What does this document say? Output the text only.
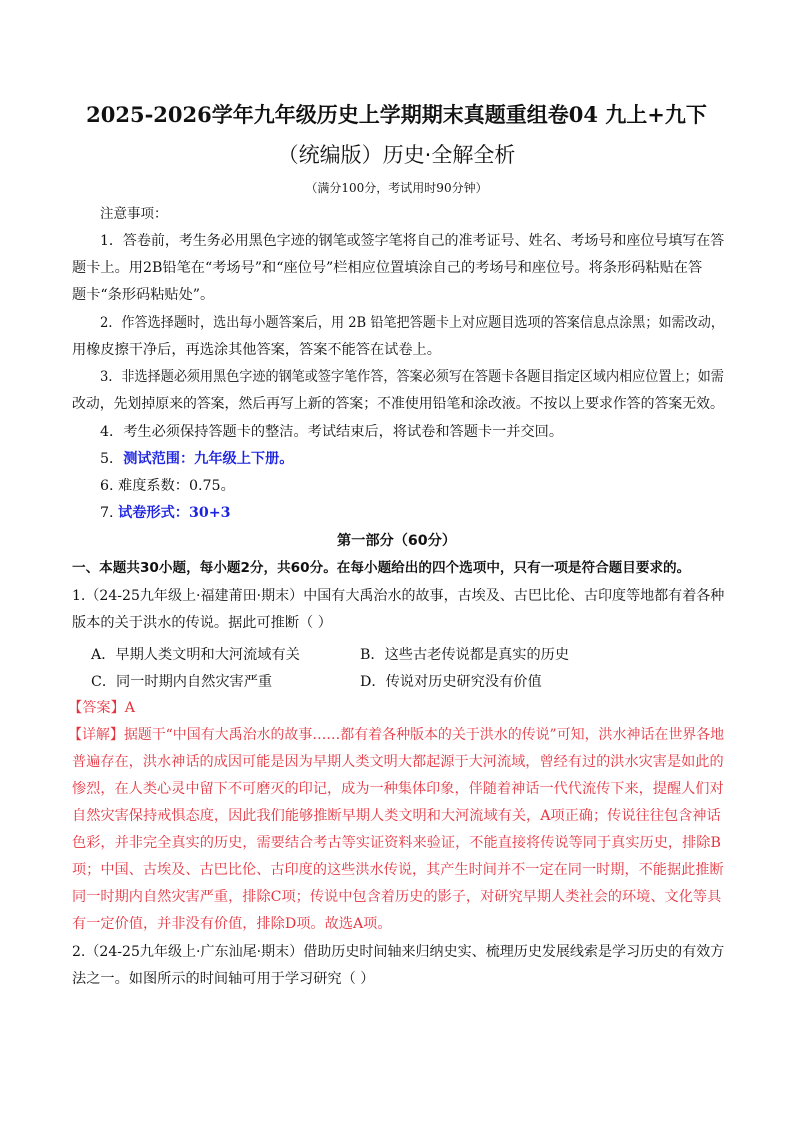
2025-2026学年九年级历史上学期期末真题重组卷04 九上+九下
（统编版）历史·全解全析
（满分100分，考试用时90分钟）
注意事项：
1．答卷前，考生务必用黑色字迹的钢笔或签字笔将自己的准考证号、姓名、考场号和座位号填写在答
题卡上。用2B铅笔在“考场号”和“座位号”栏相应位置填涂自己的考场号和座位号。将条形码粘贴在答
题卡“条形码粘贴处”。
2．作答选择题时，选出每小题答案后，用 2B 铅笔把答题卡上对应题目选项的答案信息点涂黑；如需改动，
用橡皮擦干净后，再选涂其他答案，答案不能答在试卷上。
3．非选择题必须用黑色字迹的钢笔或签字笔作答，答案必须写在答题卡各题目指定区域内相应位置上；如需
改动，先划掉原来的答案，然后再写上新的答案；不准使用铅笔和涂改液。不按以上要求作答的答案无效。
4．考生必须保持答题卡的整洁。考试结束后，将试卷和答题卡一并交回。
5．测试范围：九年级上下册。
6. 难度系数：0.75。
7. 试卷形式：30+3
第一部分（60分）
一、本题共30小题，每小题2分，共60分。在每小题给出的四个选项中，只有一项是符合题目要求的。
1.（24-25九年级上·福建莆田·期末）中国有大禹治水的故事，古埃及、古巴比伦、古印度等地都有着各种
版本的关于洪水的传说。据此可推断（ ）
A．早期人类文明和大河流域有关	B．这些古老传说都是真实的历史
C．同一时期内自然灾害严重	D．传说对历史研究没有价值
【答案】A
【详解】据题干“中国有大禹治水的故事……都有着各种版本的关于洪水的传说”可知，洪水神话在世界各地
普遍存在，洪水神话的成因可能是因为早期人类文明大都起源于大河流域，曾经有过的洪水灾害是如此的
惨烈，在人类心灵中留下不可磨灭的印记，成为一种集体印象，伴随着神话一代代流传下来，提醒人们对
自然灾害保持戒惧态度，因此我们能够推断早期人类文明和大河流域有关，A项正确；传说往往包含神话
色彩，并非完全真实的历史，需要结合考古等实证资料来验证，不能直接将传说等同于真实历史，排除B
项；中国、古埃及、古巴比伦、古印度的这些洪水传说，其产生时间并不一定在同一时期，不能据此推断
同一时期内自然灾害严重，排除C项；传说中包含着历史的影子，对研究早期人类社会的环境、文化等具
有一定价值，并非没有价值，排除D项。故选A项。
2.（24-25九年级上·广东汕尾·期末）借助历史时间轴来归纳史实、梳理历史发展线索是学习历史的有效方
法之一。如图所示的时间轴可用于学习研究（ ）
